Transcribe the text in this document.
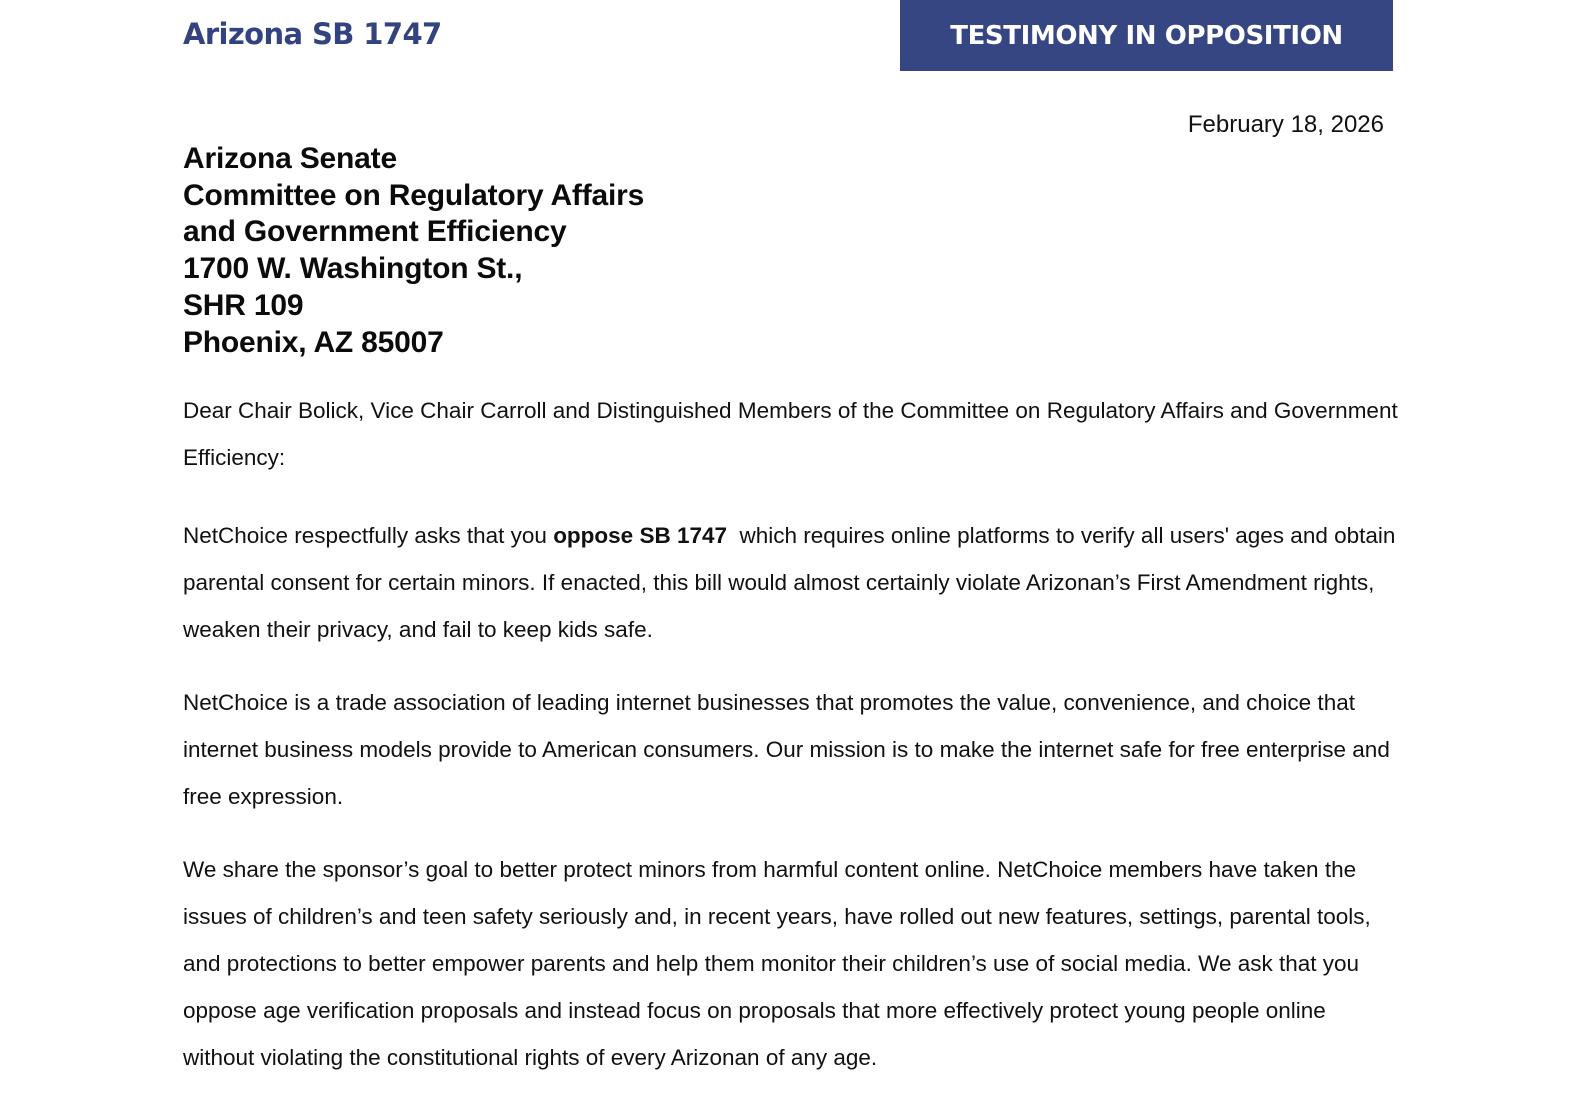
Arizona SB 1747	TESTIMONY IN OPPOSITION
February 18, 2026
Arizona Senate
Committee on Regulatory Affairs
and Government Efficiency
1700 W. Washington St.,
SHR 109
Phoenix, AZ 85007

Dear Chair Bolick, Vice Chair Carroll and Distinguished Members of the Committee on Regulatory Affairs and Government Efficiency:

NetChoice respectfully asks that you oppose SB 1747  which requires online platforms to verify all users' ages and obtain parental consent for certain minors. If enacted, this bill would almost certainly violate Arizonan’s First Amendment rights, weaken their privacy, and fail to keep kids safe.

NetChoice is a trade association of leading internet businesses that promotes the value, convenience, and choice that internet business models provide to American consumers. Our mission is to make the internet safe for free enterprise and free expression.

We share the sponsor’s goal to better protect minors from harmful content online. NetChoice members have taken the issues of children’s and teen safety seriously and, in recent years, have rolled out new features, settings, parental tools, and protections to better empower parents and help them monitor their children’s use of social media. We ask that you oppose age verification proposals and instead focus on proposals that more effectively protect young people online without violating the constitutional rights of every Arizonan of any age.
